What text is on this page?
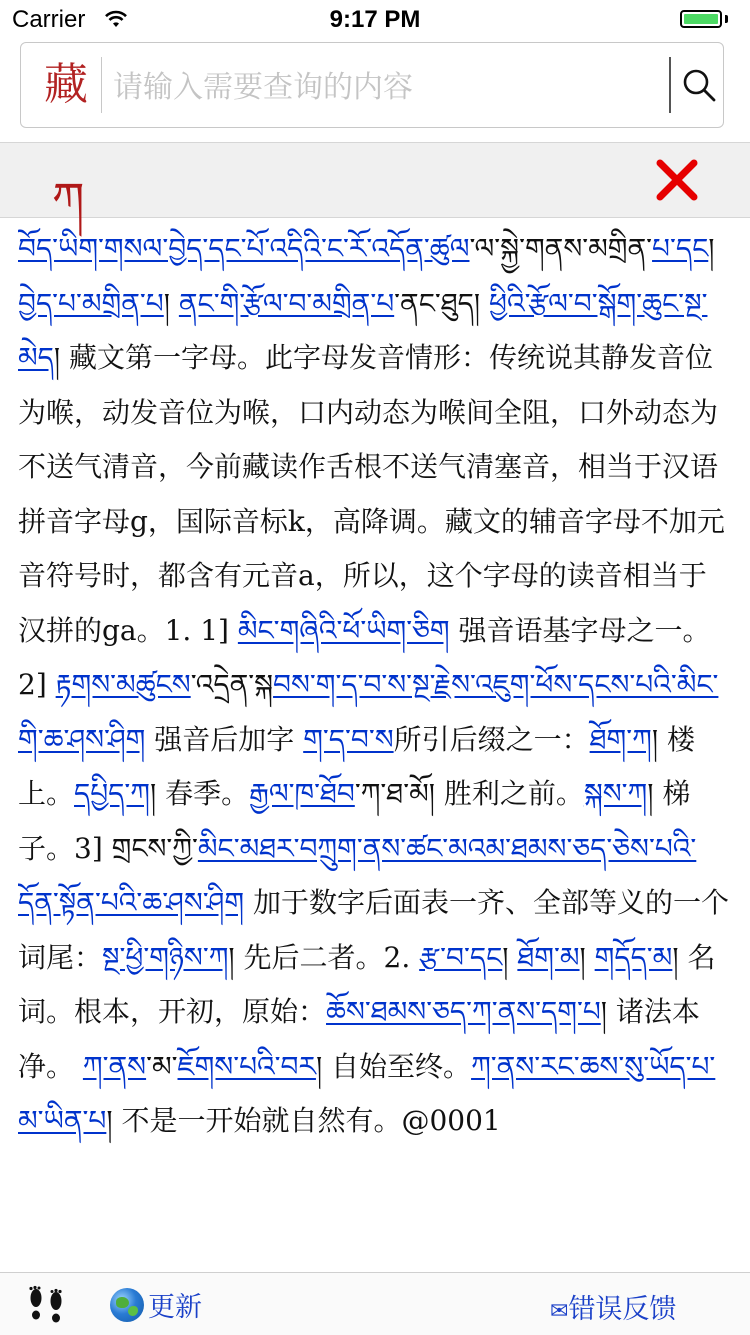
Carrier	9:17 PM
藏
请输入需要查询的内容
ཀ
བོད་ཡིག་གསལ་བྱེད་དང་པོ་འདིའི་ང་རོ་འདོན་ཚུལ་ལ་སྐྱེ་གནས་མགྲིན་པ་དང། བྱེད་པ་མགྲིན་པ། ནང་གི་རྩོལ་བ་མགྲིན་པ་ནང་ཐུད། ཕྱིའི་རྩོལ་བ་སྒོག་ཆུང་སྔ་མེད། 藏文第一字母。此字母发音情形：传统说其静发音位为喉，动发音位为喉，口内动态为喉间全阻，口外动态为不送气清音，今前藏读作舌根不送气清塞音，相当于汉语拼音字母g，国际音标k，高降调。藏文的辅音字母不加元音符号时，都含有元音a，所以，这个字母的读音相当于汉拼的ga。1. 1] མིང་གཞིའི་ཕོ་ཡིག་ཅིག 强音语基字母之一。2] རྟགས་མཚུངས་འདྲེན་སྐབས་ག་ད་བ་ས་སྔ་རྗེས་འཇུག་ཕོས་དངས་པའི་མིང་གི་ཆ་ཤས་ཤིག 强音后加字 ག་ད་བ་ས所引后缀之一：ཐོག་ཀ། 楼上。དཔྱིད་ཀ། 春季。རྒྱལ་ཁ་ཐོབ་ཀ་ཐ་མོ། 胜利之前。སྐས་ཀ། 梯子。3] གྲངས་ཀྱི་མིང་མཐར་བཀྲུག་ནས་ཚང་མའམ་ཐམས་ཅད་ཅེས་པའི་དོན་སྟོན་པའི་ཆ་ཤས་ཤིག 加于数字后面表一齐、全部等义的一个词尾：སྔ་ཕྱི་གཉིས་ཀ། 先后二者。2. རྩ་བ་དང། ཐོག་མ། གདོད་མ། 名词。根本，开初，原始：ཆོས་ཐམས་ཅད་ཀ་ནས་དག་པ། 诸法本净。 ཀ་ནས་མ་ཇོགས་པའི་བར། 自始至终。ཀ་ནས་རང་ཆས་སུ་ཡོད་པ་མ་ཡིན་པ། 不是一开始就自然有。@0001
更新	✉错误反馈
